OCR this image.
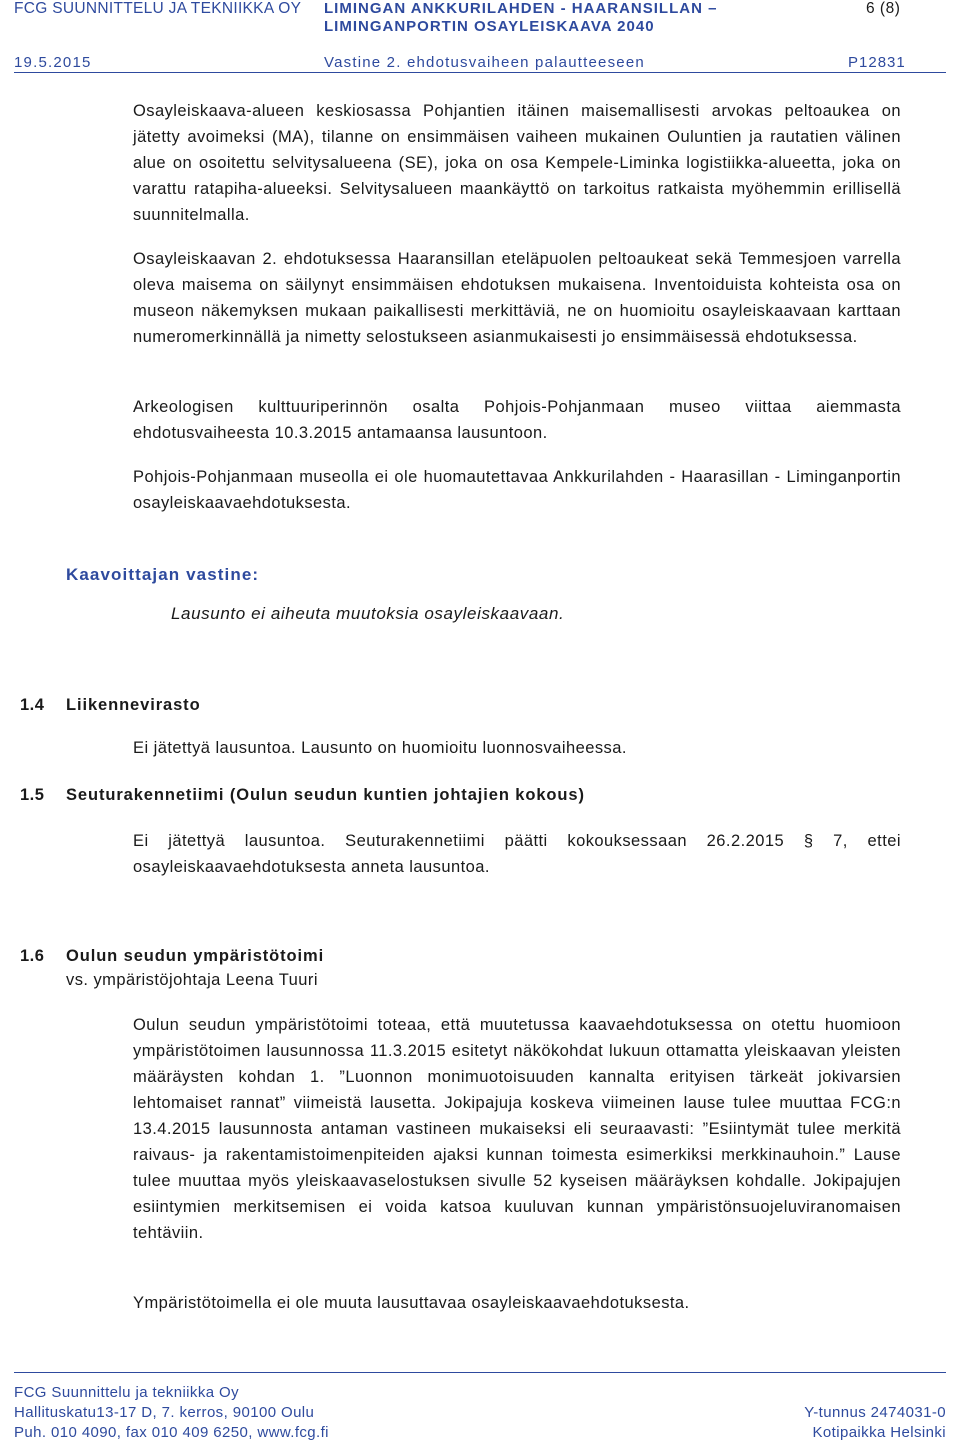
FCG SUUNNITTELU JA TEKNIIKKA OY LIMINGAN ANKKURILAHDEN - HAARANSILLAN –
LIMINGANPORTIN OSAYLEISKAAVA 2040
6 (8)
19.5.2015	Vastine 2. ehdotusvaiheen palautteeseen	P12831
Osayleiskaava-alueen keskiosassa Pohjantien itäinen maisemallisesti arvokas peltoaukea on jätetty avoimeksi (MA), tilanne on ensimmäisen vaiheen mukainen Ouluntien ja rautatien välinen alue on osoitettu selvitysalueena (SE), joka on osa Kempele-Liminka logistiikka-alueetta, joka on varattu ratapiha-alueeksi. Selvitysalueen maankäyttö on tarkoitus ratkaista myöhemmin erillisellä suunnitelmalla.
Osayleiskaavan 2. ehdotuksessa Haaransillan eteläpuolen peltoaukeat sekä Temmesjoen varrella oleva maisema on säilynyt ensimmäisen ehdotuksen mukaisena. Inventoiduista kohteista osa on museon näkemyksen mukaan paikallisesti merkittäviä, ne on huomioitu osayleiskaavaan karttaan numeromerkinnällä ja nimetty selostukseen asianmukaisesti jo ensimmäisessä ehdotuksessa.
Arkeologisen kulttuuriperinnön osalta Pohjois-Pohjanmaan museo viittaa aiemmasta ehdotusvaiheesta 10.3.2015 antamaansa lausuntoon.
Pohjois-Pohjanmaan museolla ei ole huomautettavaa Ankkurilahden - Haarasillan - Liminganportin osayleiskaavaehdotuksesta.
Kaavoittajan vastine:
Lausunto ei aiheuta muutoksia osayleiskaavaan.
1.4 Liikennevirasto
Ei jätettyä lausuntoa. Lausunto on huomioitu luonnosvaiheessa.
1.5 Seuturakennetiimi (Oulun seudun kuntien johtajien kokous)
Ei jätettyä lausuntoa. Seuturakennetiimi päätti kokouksessaan 26.2.2015 § 7, ettei osayleiskaavaehdotuksesta anneta lausuntoa.
1.6 Oulun seudun ympäristötoimi
vs. ympäristöjohtaja Leena Tuuri
Oulun seudun ympäristötoimi toteaa, että muutetussa kaavaehdotuksessa on otettu huomioon ympäristötoimen lausunnossa 11.3.2015 esitetyt näkökohdat lukuun ottamatta yleiskaavan yleisten määräysten kohdan 1. ”Luonnon monimuotoisuuden kannalta erityisen tärkeät jokivarsien lehtomaiset rannat” viimeistä lausetta. Jokipajuja koskeva viimeinen lause tulee muuttaa FCG:n 13.4.2015 lausunnosta antaman vastineen mukaiseksi eli seuraavasti: ”Esiintymät tulee merkitä raivaus- ja rakentamistoimenpiteiden ajaksi kunnan toimesta esimerkiksi merkkinauhoin.” Lause tulee muuttaa myös yleiskaavaselostuksen sivulle 52 kyseisen määräyksen kohdalle. Jokipajujen esiintymien merkitsemisen ei voida katsoa kuuluvan kunnan ympäristönsuojeluviranomaisen tehtäviin.
Ympäristötoimella ei ole muuta lausuttavaa osayleiskaavaehdotuksesta.
FCG Suunnittelu ja tekniikka Oy
Hallituskatu13-17 D, 7. kerros, 90100 Oulu
Puh. 010 4090, fax 010 409 6250, www.fcg.fi
Y-tunnus 2474031-0
Kotipaikka Helsinki
